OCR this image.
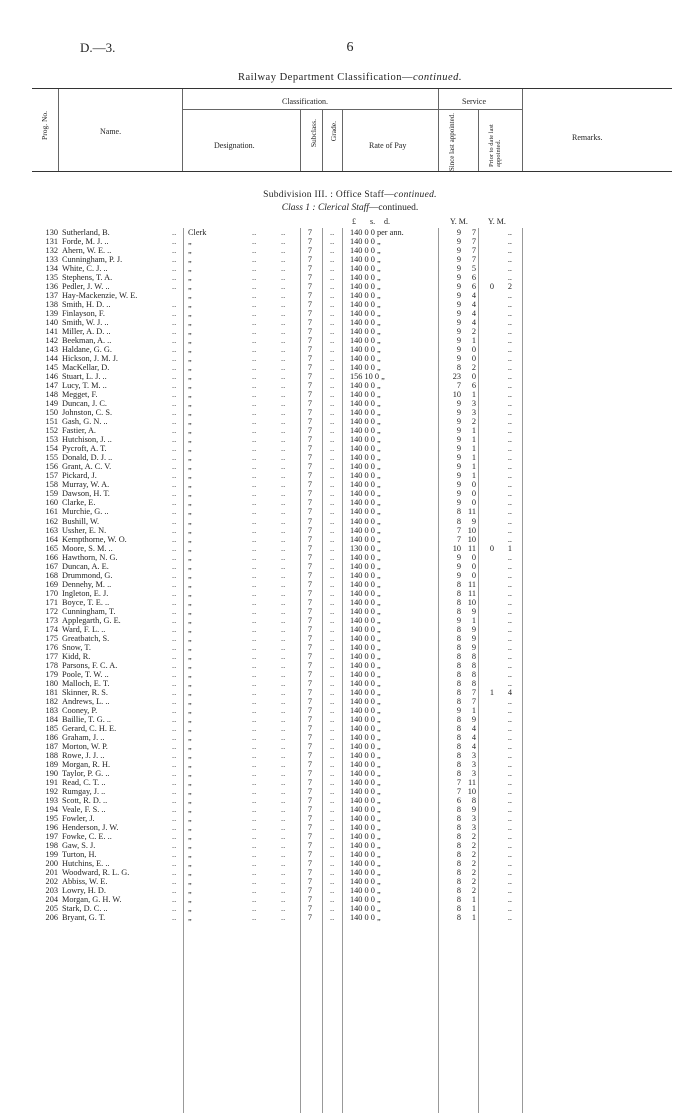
D.—3.	6
Railway Department Classification—continued.
Prog. No.	Name.
Classification.
Designation.	Subclass. Grade.
Rate of Pay
Service
Since last appointed.	Prior to date last appointed.
Remarks.
Subdivision III. : Office Staff—continued.
Class 1 : Clerical Staff—continued.
£ s. d.	Y. M.	Y. M.
130 Sutherland, B.	.. Clerk	..	..	7	.. 140 0 0 per ann.	9	7	..
131 Forde, M. J. ..	.. „	..	..	7	.. 140 0 0 „	9	7	..
132 Ahern, W. E. ..	.. „	..	..	7	.. 140 0 0 „	9	7	..
133 Cunningham, P. J.	.. „	..	..	7	.. 140 0 0 „	9	7	..
134 White, C. J. ..	.. „	..	..	7	.. 140 0 0 „	9	5	..
135 Stephens, T. A.	.. „	..	..	7	.. 140 0 0 „	9	6	..
136 Pedler, J. W. ..	.. „	..	..	7	.. 140 0 0 „	9	6	0	2
137 Hay-Mackenzie, W. E.	„	..	..	7	.. 140 0 0 „	9	4	..
138 Smith, H. D. ..	.. „	..	..	7	.. 140 0 0 „	9	4	..
139 Finlayson, F.	.. „	..	..	7	.. 140 0 0 „	9	4	..
140 Smith, W. J. ..	.. „	..	..	7	.. 140 0 0 „	9	4	..
141 Miller, A. D. ..	.. „	..	..	7	.. 140 0 0 „	9	2	..
142 Beekman, A. ..	.. „	..	..	7	.. 140 0 0 „	9	1	..
143 Haldane, G. G.	.. „	..	..	7	.. 140 0 0 „	9	0	..
144 Hickson, J. M. J.	.. „	..	..	7	.. 140 0 0 „	9	0	..
145 MacKellar, D.	.. „	..	..	7	.. 140 0 0 „	8	2	..
146 Stuart, L. J. ..	.. „	..	..	7	.. 156 10 0 „	23	0	..
147 Lucy, T. M. ..	.. „	..	..	7	.. 140 0 0 „	7	6	..
148 Megget, F.	.. „	..	..	7	.. 140 0 0 „	10	1	..
149 Duncan, J. C.	.. „	..	..	7	.. 140 0 0 „	9	3	..
150 Johnston, C. S.	.. „	..	..	7	.. 140 0 0 „	9	3	..
151 Gash, G. N. ..	.. „	..	..	7	.. 140 0 0 „	9	2	..
152 Fastier, A.	.. „	..	..	7	.. 140 0 0 „	9	1	..
153 Hutchison, J. ..	.. „	..	..	7	.. 140 0 0 „	9	1	..
154 Pycroft, A. T.	.. „	..	..	7	.. 140 0 0 „	9	1	..
155 Donald, D. J. ..	.. „	..	..	7	.. 140 0 0 „	9	1	..
156 Grant, A. C. V.	.. „	..	..	7	.. 140 0 0 „	9	1	..
157 Pickard, J.	.. „	..	..	7	.. 140 0 0 „	9	1	..
158 Murray, W. A.	.. „	..	..	7	.. 140 0 0 „	9	0	..
159 Dawson, H. T.	.. „	..	..	7	.. 140 0 0 „	9	0	..
160 Clarke, E.	.. „	..	..	7	.. 140 0 0 „	9	0	..
161 Murchie, G. ..	.. „	..	..	7	.. 140 0 0 „	8 11	..
162 Bushill, W.	.. „	..	..	7	.. 140 0 0 „	8	9	..
163 Ussher, E. N.	.. „	..	..	7	.. 140 0 0 „	7 10	..
164 Kempthorne, W. O.	.. „	..	..	7	.. 140 0 0 „	7 10	..
165 Moore, S. M. ..	.. „	..	..	7	.. 130 0 0 „	10 11	0	1
166 Hawthorn, N. G.	.. „	..	..	7	.. 140 0 0 „	9	0	..
167 Duncan, A. E.	.. „	..	..	7	.. 140 0 0 „	9	0	..
168 Drummond, G.	.. „	..	..	7	.. 140 0 0 „	9	0	..
169 Dennehy, M. ..	.. „	..	..	7	.. 140 0 0 „	8 11	..
170 Ingleton, E. J.	.. „	..	..	7	.. 140 0 0 „	8 11	..
171 Boyce, T. E. ..	.. „	..	..	7	.. 140 0 0 „	8 10	..
172 Cunningham, T.	.. „	..	..	7	.. 140 0 0 „	8	9	..
173 Applegarth, G. E.	.. „	..	..	7	.. 140 0 0 „	9	1	..
174 Ward, F. L. ..	.. „	..	..	7	.. 140 0 0 „	8	9	..
175 Greatbatch, S.	.. „	..	..	7	.. 140 0 0 „	8	9	..
176 Snow, T.	.. „	..	..	7	.. 140 0 0 „	8	9	..
177 Kidd, R.	.. „	..	..	7	.. 140 0 0 „	8	8	..
178 Parsons, F. C. A.	.. „	..	..	7	.. 140 0 0 „	8	8	..
179 Poole, T. W. ..	.. „	..	..	7	.. 140 0 0 „	8	8	..
180 Malloch, E. T.	.. „	..	..	7	.. 140 0 0 „	8	8	..
181 Skinner, R. S.	.. „	..	..	7	.. 140 0 0 „	8	7	1	4
182 Andrews, L. ..	.. „	..	..	7	.. 140 0 0 „	8	7	..
183 Cooney, P.	.. „	..	..	7	.. 140 0 0 „	9	1	..
184 Baillie, T. G. ..	.. „	..	..	7	.. 140 0 0 „	8	9	..
185 Gerard, C. H. E.	.. „	..	..	7	.. 140 0 0 „	8	4	..
186 Graham, J. ..	.. „	..	..	7	.. 140 0 0 „	8	4	..
187 Morton, W. P.	.. „	..	..	7	.. 140 0 0 „	8	4	..
188 Rowe, J. J. ..	.. „	..	..	7	.. 140 0 0 „	8	3	..
189 Morgan, R. H.	.. „	..	..	7	.. 140 0 0 „	8	3	..
190 Taylor, P. G. ..	.. „	..	..	7	.. 140 0 0 „	8	3	..
191 Read, C. T. ..	.. „	..	..	7	.. 140 0 0 „	7 11	..
192 Rumgay, J. ..	.. „	..	..	7	.. 140 0 0 „	7 10	..
193 Scott, R. D. ..	.. „	..	..	7	.. 140 0 0 „	6	8	..
194 Veale, F. S. ..	.. „	..	..	7	.. 140 0 0 „	8	9	..
195 Fowler, J.	.. „	..	..	7	.. 140 0 0 „	8	3	..
196 Henderson, J. W.	.. „	..	..	7	.. 140 0 0 „	8	3	..
197 Fowke, C. E. ..	.. „	..	..	7	.. 140 0 0 „	8	2	..
198 Gaw, S. J.	.. „	..	..	7	.. 140 0 0 „	8	2	..
199 Turton, H.	.. „	..	..	7	.. 140 0 0 „	8	2	..
200 Hutchins, E. ..	.. „	..	..	7	.. 140 0 0 „	8	2	..
201 Woodward, R. L. G.	.. „	..	..	7	.. 140 0 0 „	8	2	..
202 Abbiss, W. E.	.. „	..	..	7	.. 140 0 0 „	8	2	..
203 Lowry, H. D.	.. „	..	..	7	.. 140 0 0 „	8	2	..
204 Morgan, G. H. W.	.. „	..	..	7	.. 140 0 0 „	8	1	..
205 Stark, D. C. ..	.. „	..	..	7	.. 140 0 0 „	8	1	..
206 Bryant, G. T.	.. „	..	..	7	.. 140 0 0 „	8	1	..
